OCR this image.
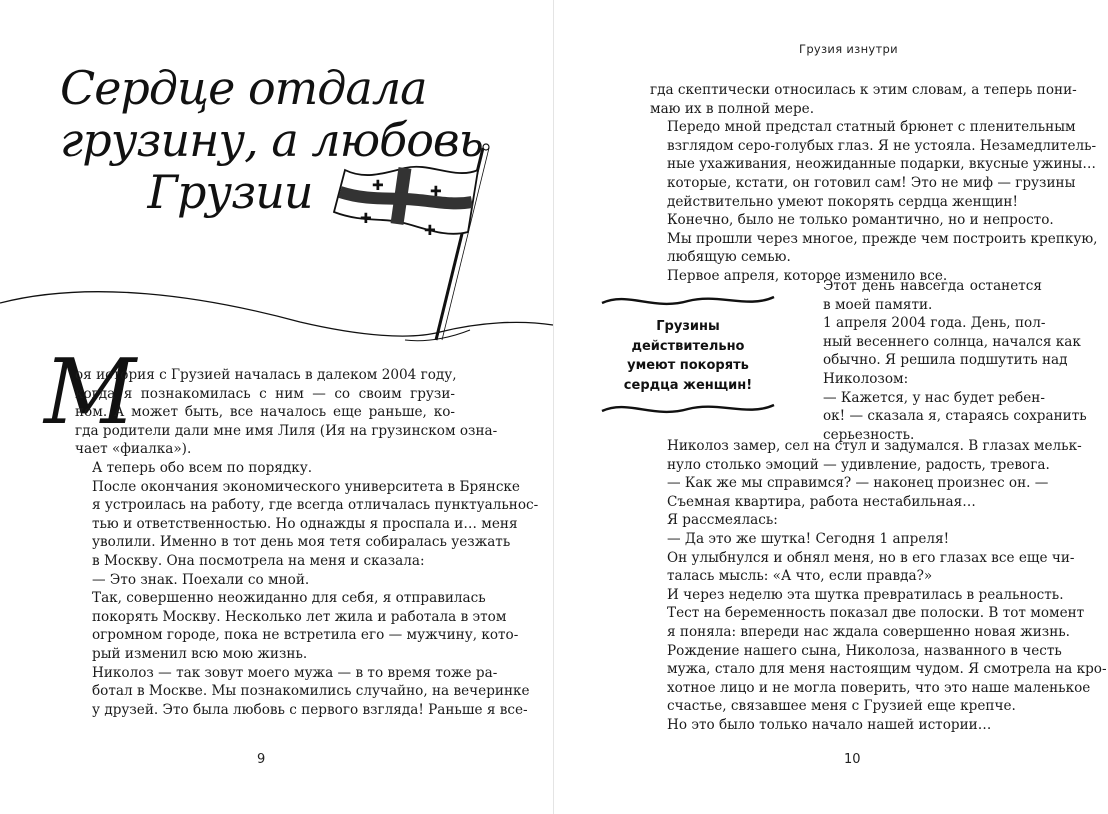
Сердце отдала
грузину, а любовь
Грузии	✚	✚
✚
✚
М

оя история с Грузией началась в далеком 2004 году,
когда я познакомилась с ним — со своим грузи-
ном. А может быть, все началось еще раньше, ко-
гда родители дали мне имя Лиля (Ия на грузинском озна-
чает «фиалка»).

А теперь обо всем по порядку.

После окончания экономического университета в Брянске
я устроилась на работу, где всегда отличалась пунктуальнос-
тью и ответственностью. Но однажды я проспала и… меня
уволили. Именно в тот день моя тетя собиралась уезжать
в Москву. Она посмотрела на меня и сказала:

— Это знак. Поехали со мной.

Так, совершенно неожиданно для себя, я отправилась
покорять Москву. Несколько лет жила и работала в этом
огромном городе, пока не встретила его — мужчину, кото-
рый изменил всю мою жизнь.

Николоз — так зовут моего мужа — в то время тоже ра-
ботал в Москве. Мы познакомились случайно, на вечеринке
у друзей. Это была любовь с первого взгляда! Раньше я все-

9
Грузия изнутри

гда скептически относилась к этим словам, а теперь пони-
маю их в полной мере.

Передо мной предстал статный брюнет с пленительным
взглядом серо-голубых глаз. Я не устояла. Незамедлитель-
ные ухаживания, неожиданные подарки, вкусные ужины…
которые, кстати, он готовил сам! Это не миф — грузины
действительно умеют покорять сердца женщин!

Конечно, было не только романтично, но и непросто.
Мы прошли через многое, прежде чем построить крепкую,
любящую семью.

Первое апреля, которое изменило все.

Грузины
действительно
умеют покорять
сердца женщин!

Этот день навсегда останется
в моей памяти.

1 апреля 2004 года. День, пол-
ный весеннего солнца, начался как
обычно. Я решила подшутить над
Николозом:

— Кажется, у нас будет ребен-
ок! — сказала я, стараясь сохранить
серьезность.

Николоз замер, сел на стул и задумался. В глазах мельк-
нуло столько эмоций — удивление, радость, тревога.

— Как же мы справимся? — наконец произнес он. —
Съемная квартира, работа нестабильная…

Я рассмеялась:

— Да это же шутка! Сегодня 1 апреля!

Он улыбнулся и обнял меня, но в его глазах все еще чи-
талась мысль: «А что, если правда?»

И через неделю эта шутка превратилась в реальность.
Тест на беременность показал две полоски. В тот момент
я поняла: впереди нас ждала совершенно новая жизнь.

Рождение нашего сына, Николоза, названного в честь
мужа, стало для меня настоящим чудом. Я смотрела на кро-
хотное лицо и не могла поверить, что это наше маленькое
счастье, связавшее меня с Грузией еще крепче.

Но это было только начало нашей истории…

10
